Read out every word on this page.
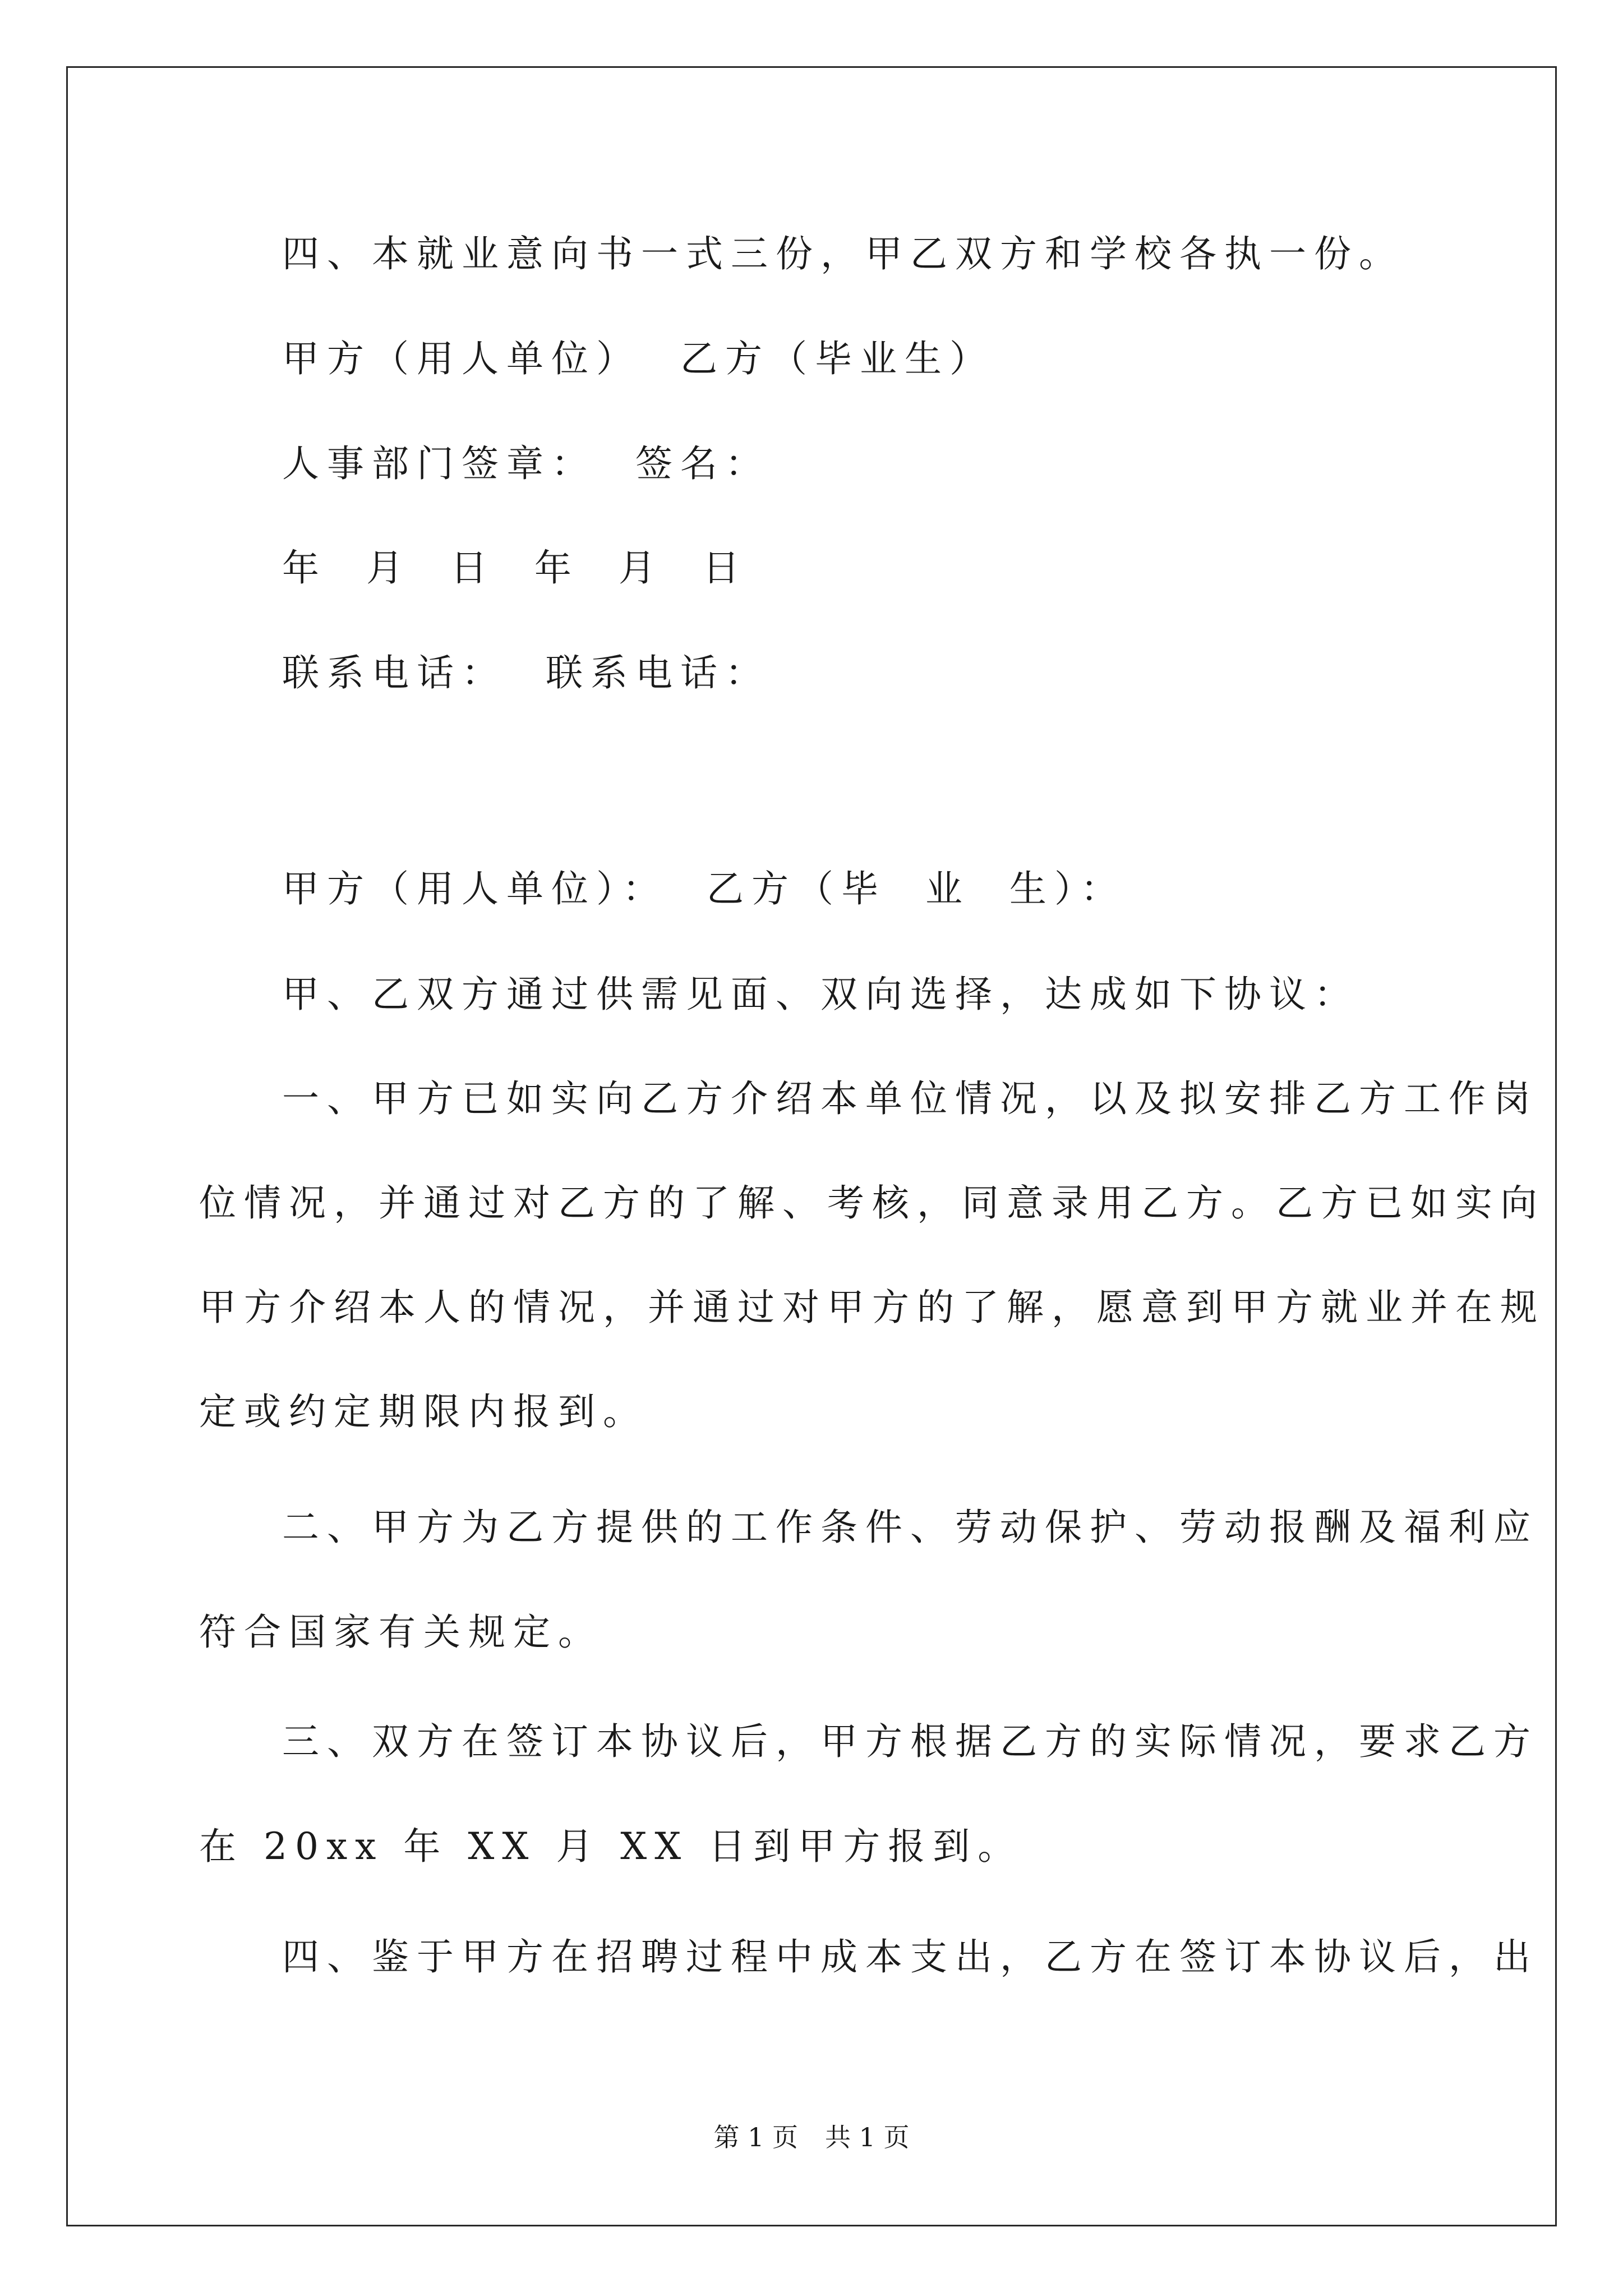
四、本就业意向书一式三份，甲乙双方和学校各执一份。
甲方（用人单位）  乙方（毕业生）
人事部门签章：  签名：
年  月  日  年  月  日
联系电话：  联系电话：
甲方（用人单位）：  乙方（毕  业  生）：
甲、乙双方通过供需见面、双向选择，达成如下协议：
一、甲方已如实向乙方介绍本单位情况，以及拟安排乙方工作岗
位情况，并通过对乙方的了解、考核，同意录用乙方。乙方已如实向
甲方介绍本人的情况，并通过对甲方的了解，愿意到甲方就业并在规
定或约定期限内报到。
二、甲方为乙方提供的工作条件、劳动保护、劳动报酬及福利应
符合国家有关规定。
三、双方在签订本协议后，甲方根据乙方的实际情况，要求乙方
在 20xx 年 XX 月 XX 日到甲方报到。
四、鉴于甲方在招聘过程中成本支出，乙方在签订本协议后，出
第 1 页 共 1 页
